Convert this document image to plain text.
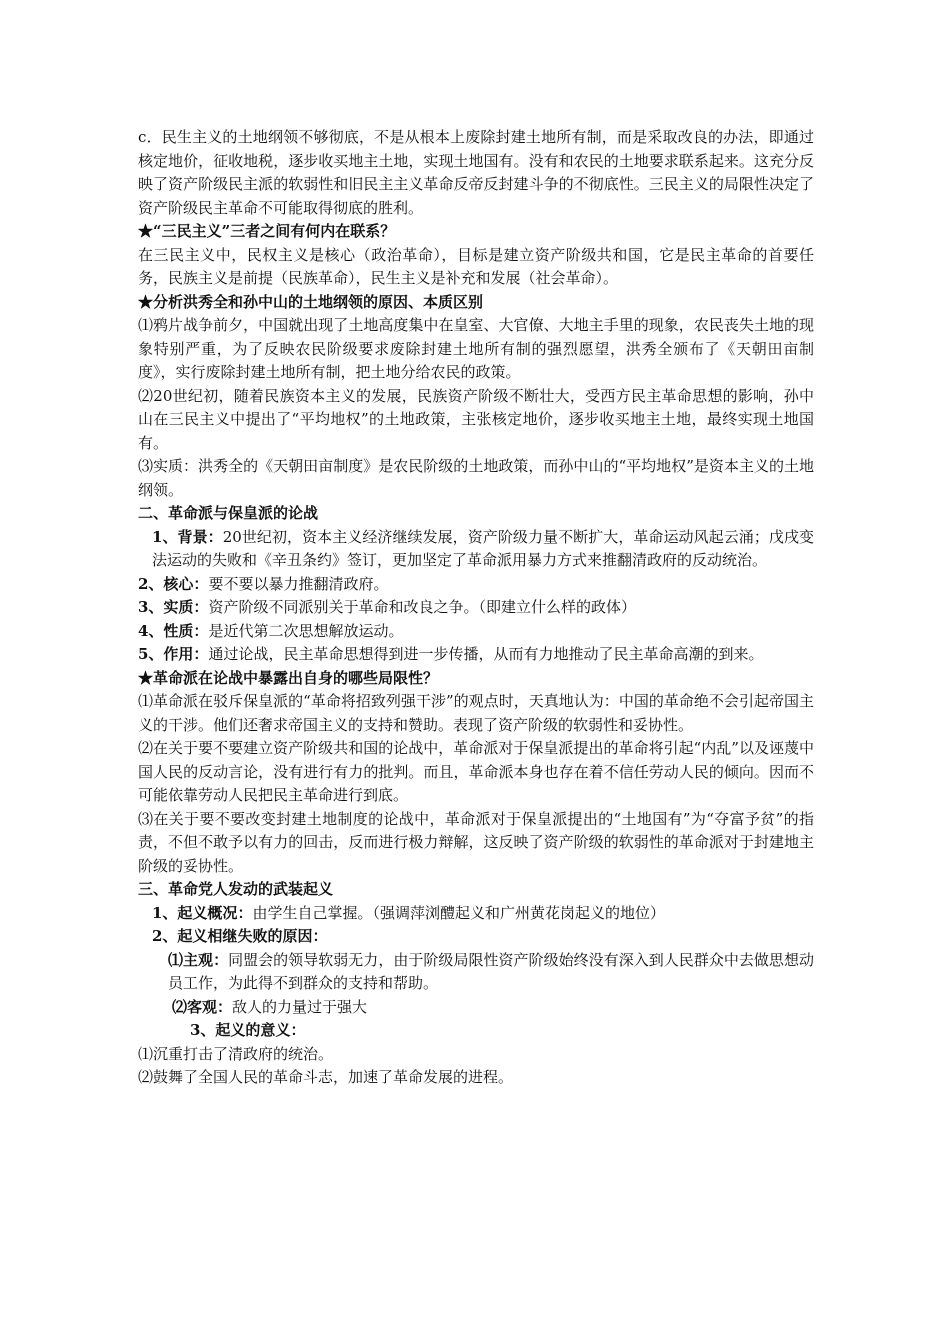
c．民生主义的土地纲领不够彻底，不是从根本上废除封建土地所有制，而是采取改良的办法，即通过核定地价，征收地税，逐步收买地主土地，实现土地国有。没有和农民的土地要求联系起来。这充分反映了资产阶级民主派的软弱性和旧民主主义革命反帝反封建斗争的不彻底性。三民主义的局限性决定了资产阶级民主革命不可能取得彻底的胜利。

★“三民主义”三者之间有何内在联系？

在三民主义中，民权主义是核心（政治革命），目标是建立资产阶级共和国，它是民主革命的首要任务，民族主义是前提（民族革命），民生主义是补充和发展（社会革命）。

★分析洪秀全和孙中山的土地纲领的原因、本质区别

⑴鸦片战争前夕，中国就出现了土地高度集中在皇室、大官僚、大地主手里的现象，农民丧失土地的现象特别严重，为了反映农民阶级要求废除封建土地所有制的强烈愿望，洪秀全颁布了《天朝田亩制度》，实行废除封建土地所有制，把土地分给农民的政策。

⑵20世纪初，随着民族资本主义的发展，民族资产阶级不断壮大，受西方民主革命思想的影响，孙中山在三民主义中提出了“平均地权”的土地政策，主张核定地价，逐步收买地主土地，最终实现土地国有。

⑶实质：洪秀全的《天朝田亩制度》是农民阶级的土地政策，而孙中山的“平均地权”是资本主义的土地纲领。

二、革命派与保皇派的论战

1、背景：20世纪初，资本主义经济继续发展，资产阶级力量不断扩大，革命运动风起云涌；戊戌变法运动的失败和《辛丑条约》签订，更加坚定了革命派用暴力方式来推翻清政府的反动统治。

2、核心：要不要以暴力推翻清政府。

3、实质：资产阶级不同派别关于革命和改良之争。（即建立什么样的政体）

4、性质：是近代第二次思想解放运动。

5、作用：通过论战，民主革命思想得到进一步传播，从而有力地推动了民主革命高潮的到来。

★革命派在论战中暴露出自身的哪些局限性？

⑴革命派在驳斥保皇派的“革命将招致列强干涉”的观点时，天真地认为：中国的革命绝不会引起帝国主义的干涉。他们还奢求帝国主义的支持和赞助。表现了资产阶级的软弱性和妥协性。

⑵在关于要不要建立资产阶级共和国的论战中，革命派对于保皇派提出的革命将引起“内乱”以及诬蔑中国人民的反动言论，没有进行有力的批判。而且，革命派本身也存在着不信任劳动人民的倾向。因而不可能依靠劳动人民把民主革命进行到底。

⑶在关于要不要改变封建土地制度的论战中，革命派对于保皇派提出的“土地国有”为“夺富予贫”的指责，不但不敢予以有力的回击，反而进行极力辩解，这反映了资产阶级的软弱性的革命派对于封建地主阶级的妥协性。

三、革命党人发动的武装起义

1、起义概况：由学生自己掌握。（强调萍浏醴起义和广州黄花岗起义的地位）

2、起义相继失败的原因：

⑴主观：同盟会的领导软弱无力，由于阶级局限性资产阶级始终没有深入到人民群众中去做思想动员工作，为此得不到群众的支持和帮助。

⑵客观：敌人的力量过于强大

3、起义的意义：

⑴沉重打击了清政府的统治。

⑵鼓舞了全国人民的革命斗志，加速了革命发展的进程。
